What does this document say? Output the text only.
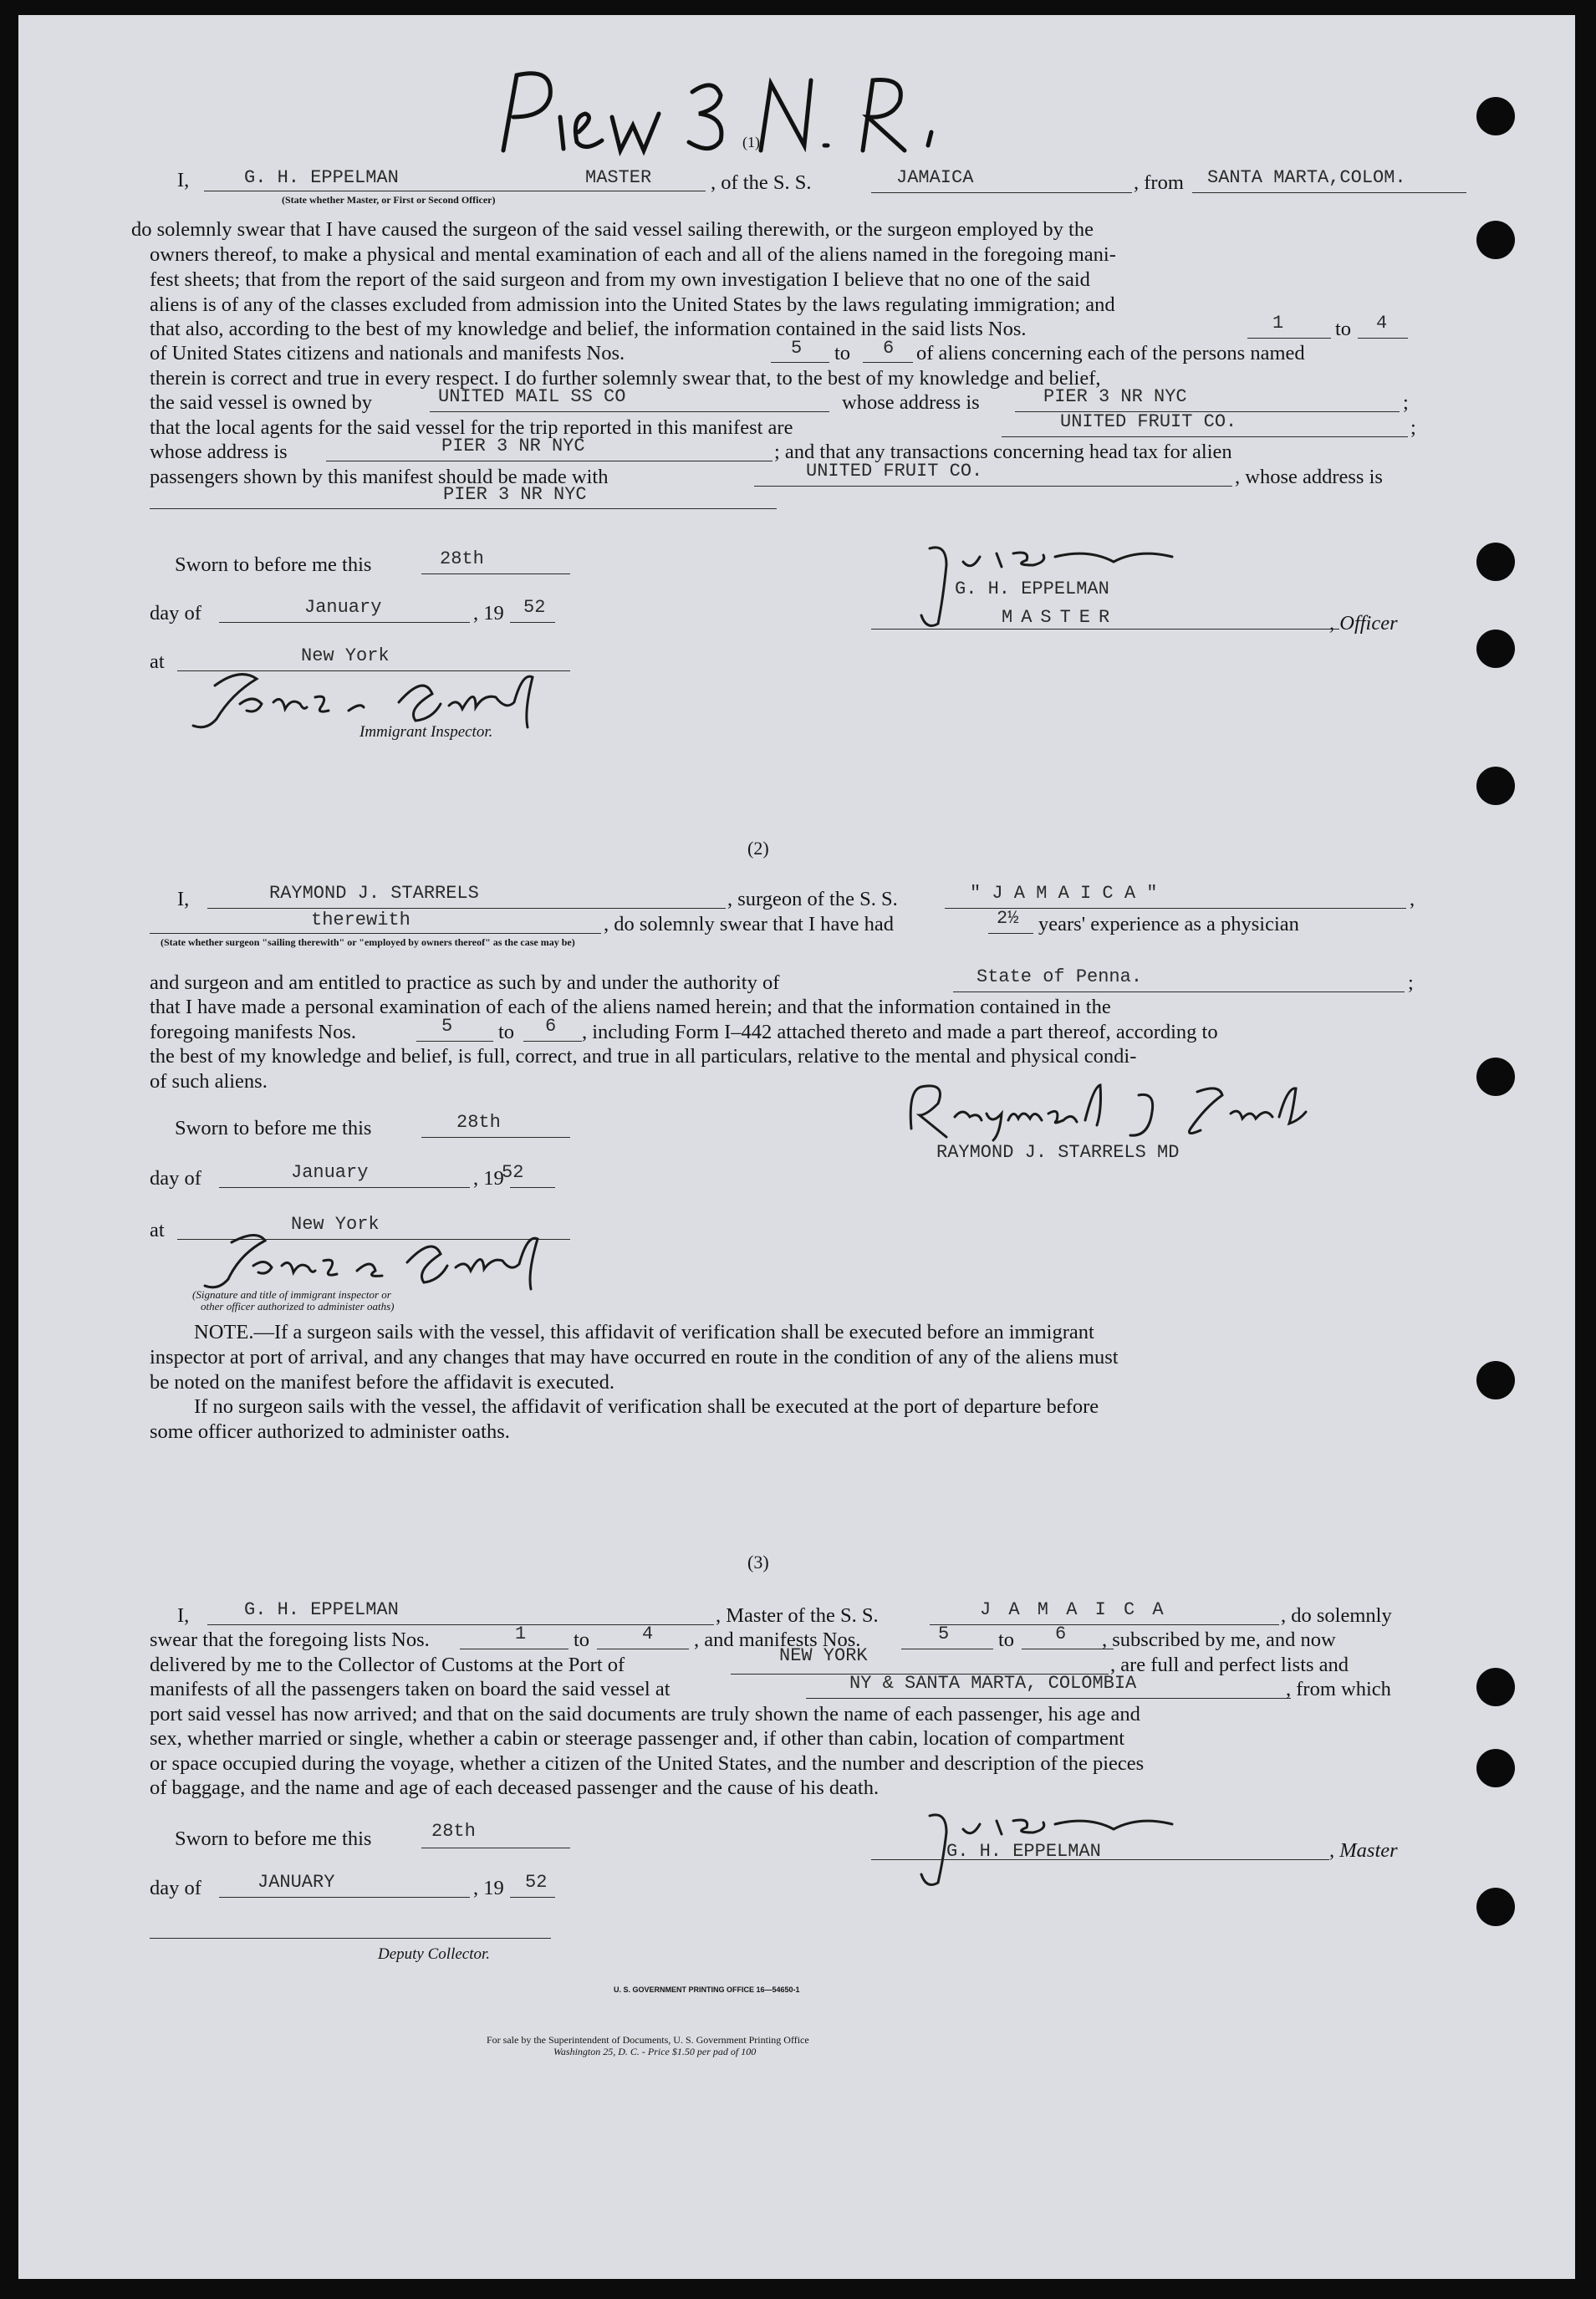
(1)
I,	G. H. EPPELMAN	MASTER
(State whether Master, or First or Second Officer)
, of the S. S.	JAMAICA	, from SANTA MARTA,COLOM.
do solemnly swear that I have caused the surgeon of the said vessel sailing therewith, or the surgeon employed by the
owners thereof, to make a physical and mental examination of each and all of the aliens named in the foregoing mani-
fest sheets; that from the report of the said surgeon and from my own investigation I believe that no one of the said
aliens is of any of the classes excluded from admission into the United States by the laws regulating immigration; and
that also, according to the best of my knowledge and belief, the information contained in the said lists Nos.	1	to 4
of United States citizens and nationals and manifests Nos.	5 to 6 of aliens concerning each of the persons named
therein is correct and true in every respect. I do further solemnly swear that, to the best of my knowledge and belief,
the said vessel is owned by	UNITED MAIL SS CO	whose address is	PIER 3 NR NYC	;
that the local agents for the said vessel for the trip reported in this manifest are	UNITED FRUIT CO.	;
whose address is	PIER 3 NR NYC	; and that any transactions concerning head tax for alien
passengers shown by this manifest should be made with	UNITED FRUIT CO.	, whose address is
PIER 3 NR NYC
Sworn to before me this	28th
day of	January	, 19 52
at	New York
Immigrant Inspector.
G. H. EPPELMAN
MASTER	, Officer
(2)
I,	RAYMOND J. STARRELS	, surgeon of the S. S.	" J A M A I C A "	,
therewith
(State whether surgeon "sailing therewith" or "employed by owners thereof" as the case may be)
, do solemnly swear that I have had	2½ years' experience as a physician
and surgeon and am entitled to practice as such by and under the authority of	State of Penna.	;
that I have made a personal examination of each of the aliens named herein; and that the information contained in the
foregoing manifests Nos.	5 to 6 , including Form I–442 attached thereto and made a part thereof, according to
the best of my knowledge and belief, is full, correct, and true in all particulars, relative to the mental and physical condi-
of such aliens.
Sworn to before me this	28th
day of	January	, 19
52
at	New York
(Signature and title of immigrant inspector or
other officer authorized to administer oaths)
RAYMOND J. STARRELS MD
NOTE.—If a surgeon sails with the vessel, this affidavit of verification shall be executed before an immigrant
inspector at port of arrival, and any changes that may have occurred en route in the condition of any of the aliens must
be noted on the manifest before the affidavit is executed.
If no surgeon sails with the vessel, the affidavit of verification shall be executed at the port of departure before
some officer authorized to administer oaths.
(3)
I,	G. H. EPPELMAN	, Master of the S. S.	J A M A I C A	, do solemnly
swear that the foregoing lists Nos.	1 to	4 , and manifests Nos.	5 to 6 , subscribed by me, and now
delivered by me to the Collector of Customs at the Port of	NEW YORK	, are full and perfect lists and
manifests of all the passengers taken on board the said vessel at	NY & SANTA MARTA, COLOMBIA	, from which
port said vessel has now arrived; and that on the said documents are truly shown the name of each passenger, his age and
sex, whether married or single, whether a cabin or steerage passenger and, if other than cabin, location of compartment
or space occupied during the voyage, whether a citizen of the United States, and the number and description of the pieces
of baggage, and the name and age of each deceased passenger and the cause of his death.
Sworn to before me this	28th
day of	JANUARY	, 19 52
Deputy Collector.
G. H. EPPELMAN	, Master
U. S. GOVERNMENT PRINTING OFFICE 16—54650-1
For sale by the Superintendent of Documents, U. S. Government Printing Office
Washington 25, D. C. - Price $1.50 per pad of 100
